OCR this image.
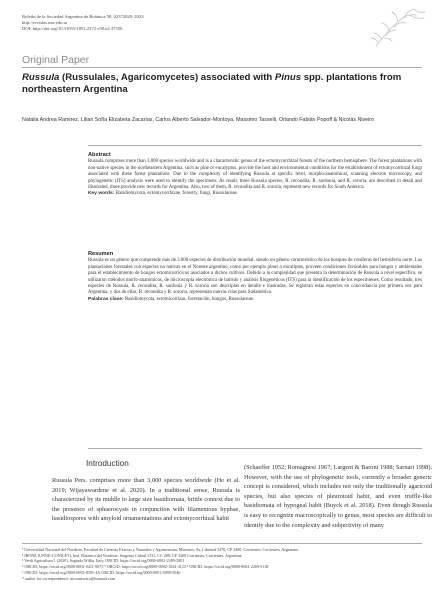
Boletín de la Sociedad Argentina de Botánica 58, 02372020. 2023
http://revistas.unc.edu.ar
DOI: http://doi.org/10.31055/1851.2372.v58.n2.37550
Original Paper
Russula (Russulales, Agaricomycetes) associated with Pinus spp. plantations from northeastern Argentina
Natalia Andrea Ramirez, Lilian Sofía Elizabeta Zacarías, Carlos Alberto Salvador-Montoya, Massimo Tasselli, Orlando Fabián Popoff & Nicolás Niveiro
Abstract
Russula comprises more than 3,000 species worldwide and is a characteristic genus of the ectomycorrhizal forests of the northern hemisphere. The forest plantations with non-native species in the northeastern Argentina, such as pine or eucalyptus, provide the host and environmental conditions for the establishment of ectomycorrhizal fungi associated with these forest plantations. Due to the complexity of identifying Russula at specific level, morpho-anatomical, scanning electron microscopy, and phylogenetic (ITS) analysis were used to identify the specimens. As result, three Russula species, R. recondita, R. sardonia, and R. sororia, are described in detail and illustrated, three provide new records for Argentina. Also, two of them, R. recondita and R. sororia, represent new records for South America.
Key words: Basidiomycota, ectomycorrhizae, forestry, fungi, Russulaceae.
Resumen
Russula es un género que comprende más de 3.000 especies de distribución mundial, siendo un género característico de los bosques de coníferas del hemisferio norte. Las plantaciones forestales con especies no nativas en el Noreste argentino, como por ejemplo pinos o eucaliptus, proveen condiciones favorables para hongos y ambientales para el establecimiento de hongos ectomicorrícicos asociados a dichos cultivos. Debido a la complejidad que presenta la determinación de Russula a nivel específico, se utilizaron métodos morfo-anatómicos, de microscopía electrónica de barrido y análisis filogenéticos (ITS) para la identificación de los especímenes. Como resultado, tres especies de Russula, R. recondita, R. sardonia y R. sororia son descriptas en detalle e ilustradas. Se registran estas especies en concordancia por primera vez para Argentina, y dos de ellas, R. recondita y R. sororia, representan nuevas citas para Sudamérica.
Palabras clave: Basidiomycota, ectomicorrizas, forestación, hongos, Russulaceae.
Introduction
Russula Pers. comprises more than 3,000 species worldwide (He et al. 2019; Wijayawardene et al. 2020). In a traditional sense, Russula is characterized by its middle to large size basidiomata, brittle context due to the presence of sphaerocysts in conjunction with filamentous hyphae, basidiospores with amyloid ornamentations and ectomycorrhizal habit
(Schaeffer 1952; Romagnesi 1967; Largent & Baroni 1988; Sarnari 1998). However, with the use of phylogenetic tools, currently a broader generic concept is considered, which includes not only the traditionally agaricoid species, but also species of pleurotoid habit, and even truffle-like basidiomata of hypogeal habit (Buyck et al. 2018). Even though Russula is easy to recognize macroscopically to genus, most species are difficult to identify due to the complexity and subjectivity of many
¹ Universidad Nacional del Nordeste, Facultad de Ciencias Exactas y Naturales y Agrimensura, Misiones, Av. Libertad 5470, CP 3400, Corrientes, Corrientes, Argentina.
² IBONE (UNNE-CONICET), Inst. Botánica del Nordeste, Sargento Cabral 2131, CC 209, CP 3400 Corrientes, Corrientes, Argentina.
³ Verdi Agricultura 1 (2020), Sagrada Willia, Italy. ORCID: https://orcid.org/0000-0002-2389-5801
⁴ ORCID: https://orcid.org/0000-0002-0411-9075 ⁵ ORCID: https://orcid.org/0000-0002-1024-3123 ⁶ ORCID: https://orcid.org/0000-0002-2269-5138
⁷ ORCID: https://orcid.org/0000-0002-8391-4X ORCID: https://orcid.org/0000-0001-5099-5046
* author for correspondence: nicoaniveiro@hotmail.com
